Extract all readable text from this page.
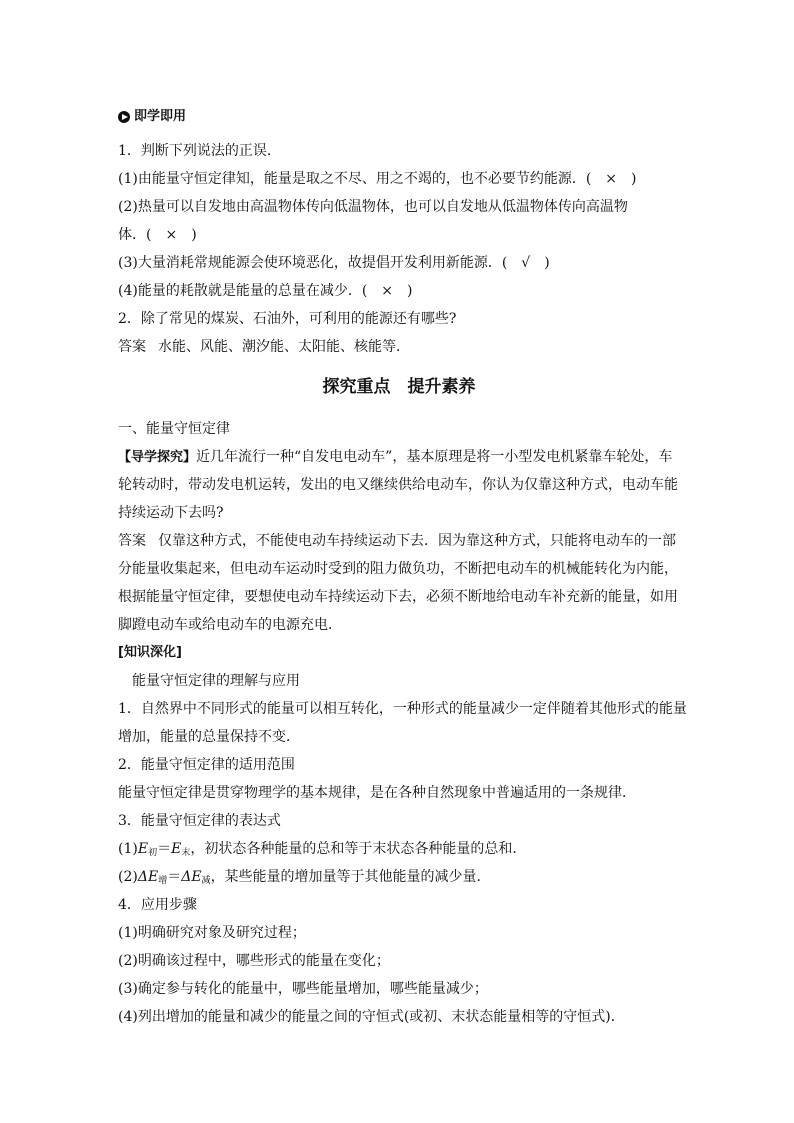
即学即用
1．判断下列说法的正误．
(1)由能量守恒定律知，能量是取之不尽、用之不竭的，也不必要节约能源．(　×　)
(2)热量可以自发地由高温物体传向低温物体，也可以自发地从低温物体传向高温物
体．(　×　)
(3)大量消耗常规能源会使环境恶化，故提倡开发利用新能源．(　√　)
(4)能量的耗散就是能量的总量在减少．(　×　)
2．除了常见的煤炭、石油外，可利用的能源还有哪些?
答案 水能、风能、潮汐能、太阳能、核能等．
探究重点　提升素养
一、能量守恒定律
【导学探究】近几年流行一种“自发电电动车”，基本原理是将一小型发电机紧靠车轮处，车
轮转动时，带动发电机运转，发出的电又继续供给电动车，你认为仅靠这种方式，电动车能
持续运动下去吗?
答案 仅靠这种方式，不能使电动车持续运动下去．因为靠这种方式，只能将电动车的一部
分能量收集起来，但电动车运动时受到的阻力做负功，不断把电动车的机械能转化为内能，
根据能量守恒定律，要想使电动车持续运动下去，必须不断地给电动车补充新的能量，如用
脚蹬电动车或给电动车的电源充电．
[知识深化]
能量守恒定律的理解与应用
1．自然界中不同形式的能量可以相互转化，一种形式的能量减少一定伴随着其他形式的能量
增加，能量的总量保持不变．
2．能量守恒定律的适用范围
能量守恒定律是贯穿物理学的基本规律，是在各种自然现象中普遍适用的一条规律．
3．能量守恒定律的表达式
$(1)E_初=E_末$，初状态各种能量的总和等于末状态各种能量的总和．
$(2)\Delta E_增=\Delta E_减$，某些能量的增加量等于其他能量的减少量．
4．应用步骤
(1)明确研究对象及研究过程；
(2)明确该过程中，哪些形式的能量在变化；
(3)确定参与转化的能量中，哪些能量增加，哪些能量减少；
(4)列出增加的能量和减少的能量之间的守恒式(或初、末状态能量相等的守恒式)．
